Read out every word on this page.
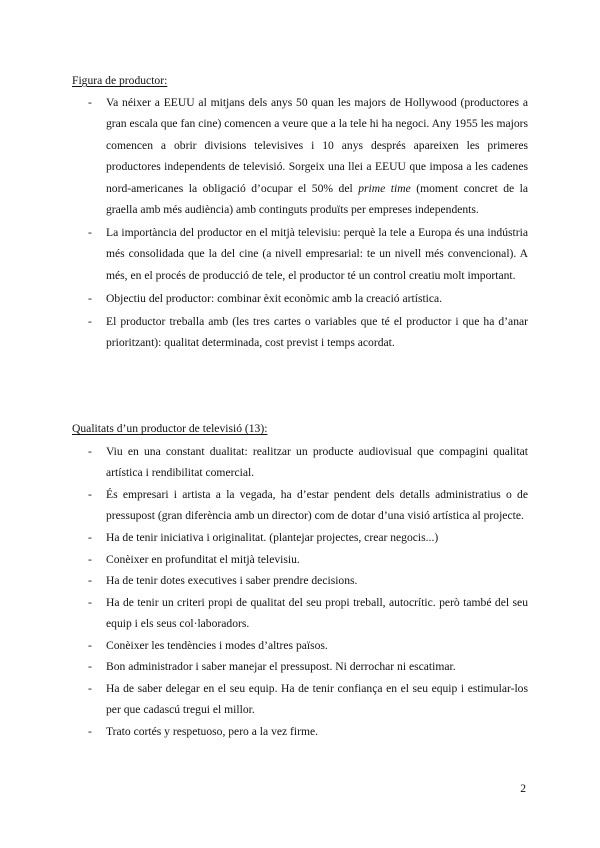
Figura de productor:
- Va néixer a EEUU al mitjans dels anys 50 quan les majors de Hollywood (productores a gran escala que fan cine) comencen a veure que a la tele hi ha negoci. Any 1955 les majors comencen a obrir divisions televisives i 10 anys després apareixen les primeres productores independents de televisió. Sorgeix una llei a EEUU que imposa a les cadenes nord-americanes la obligació d’ocupar el 50% del prime time (moment concret de la graella amb més audiència) amb continguts produïts per empreses independents.
- La importància del productor en el mitjà televisiu: perquè la tele a Europa és una indústria més consolidada que la del cine (a nivell empresarial: te un nivell més convencional). A més, en el procés de producció de tele, el productor té un control creatiu molt important.
- Objectiu del productor: combinar èxit econòmic amb la creació artística.
- El productor treballa amb (les tres cartes o variables que té el productor i que ha d’anar prioritzant): qualitat determinada, cost previst i temps acordat.
Qualitats d’un productor de televisió (13):
- Viu en una constant dualitat: realitzar un producte audiovisual que compagini qualitat artística i rendibilitat comercial.
- És empresari i artista a la vegada, ha d’estar pendent dels detalls administratius o de pressupost (gran diferència amb un director) com de dotar d’una visió artística al projecte.
- Ha de tenir iniciativa i originalitat. (plantejar projectes, crear negocis...)
- Conèixer en profunditat el mitjà televisiu.
- Ha de tenir dotes executives i saber prendre decisions.
- Ha de tenir un criteri propi de qualitat del seu propi treball, autocrític. però també del seu equip i els seus col·laboradors.
- Conèixer les tendències i modes d’altres països.
- Bon administrador i saber manejar el pressupost. Ni derrochar ni escatimar.
- Ha de saber delegar en el seu equip. Ha de tenir confiança en el seu equip i estimular-los per que cadascú tregui el millor.
- Trato cortés y respetuoso, pero a la vez firme.
2
